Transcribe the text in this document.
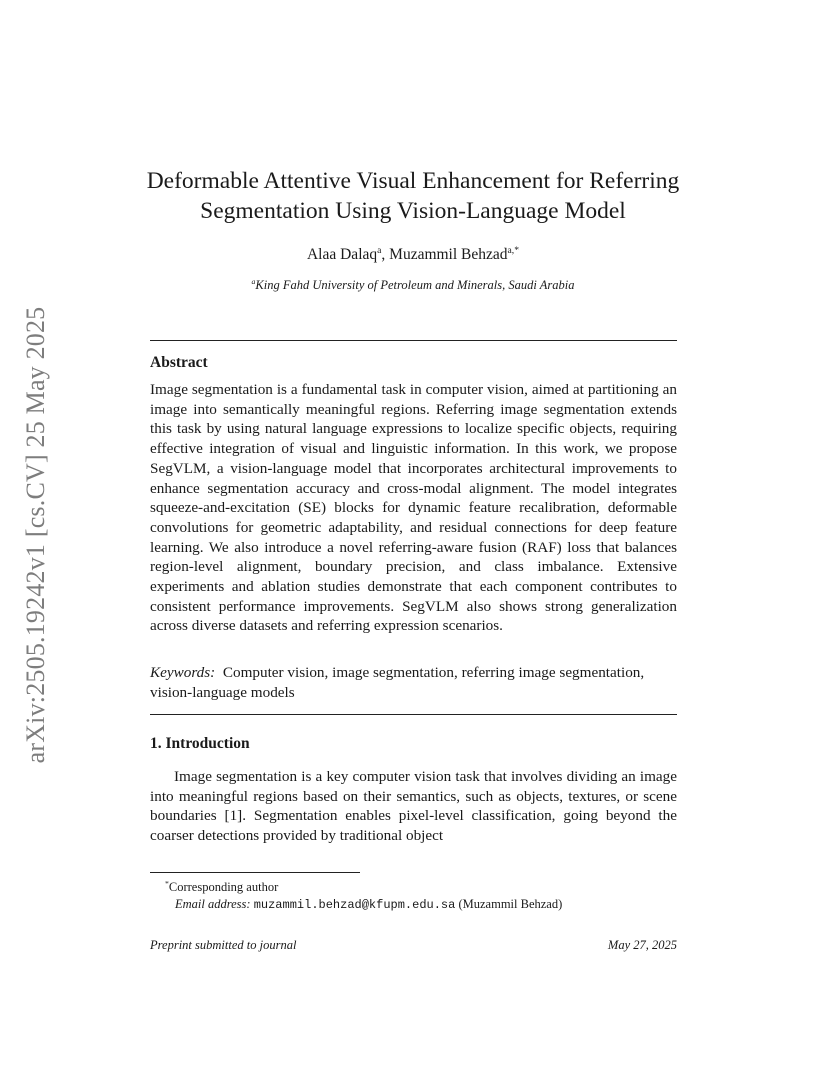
arXiv:2505.19242v1 [cs.CV] 25 May 2025
Deformable Attentive Visual Enhancement for Referring Segmentation Using Vision-Language Model
Alaa Dalaq$^a$, Muzammil Behzad$^{a,*}$
$^a$King Fahd University of Petroleum and Minerals, Saudi Arabia
Abstract

Image segmentation is a fundamental task in computer vision, aimed at partitioning an image into semantically meaningful regions. Referring image segmentation extends this task by using natural language expressions to localize specific objects, requiring effective integration of visual and linguistic information. In this work, we propose SegVLM, a vision-language model that incorporates architectural improvements to enhance segmentation accuracy and cross-modal alignment. The model integrates squeeze-and-excitation (SE) blocks for dynamic feature recalibration, deformable convolutions for geometric adaptability, and residual connections for deep feature learning. We also introduce a novel referring-aware fusion (RAF) loss that balances region-level alignment, boundary precision, and class imbalance. Extensive experiments and ablation studies demonstrate that each component contributes to consistent performance improvements. SegVLM also shows strong generalization across diverse datasets and referring expression scenarios.

Keywords: Computer vision, image segmentation, referring image segmentation, vision-language models

1. Introduction

Image segmentation is a key computer vision task that involves dividing an image into meaningful regions based on their semantics, such as objects, textures, or scene boundaries [1]. Segmentation enables pixel-level classification, going beyond the coarser detections provided by traditional object

*Corresponding author
Email address: muzammil.behzad@kfupm.edu.sa (Muzammil Behzad)
Preprint submitted to journal	May 27, 2025
